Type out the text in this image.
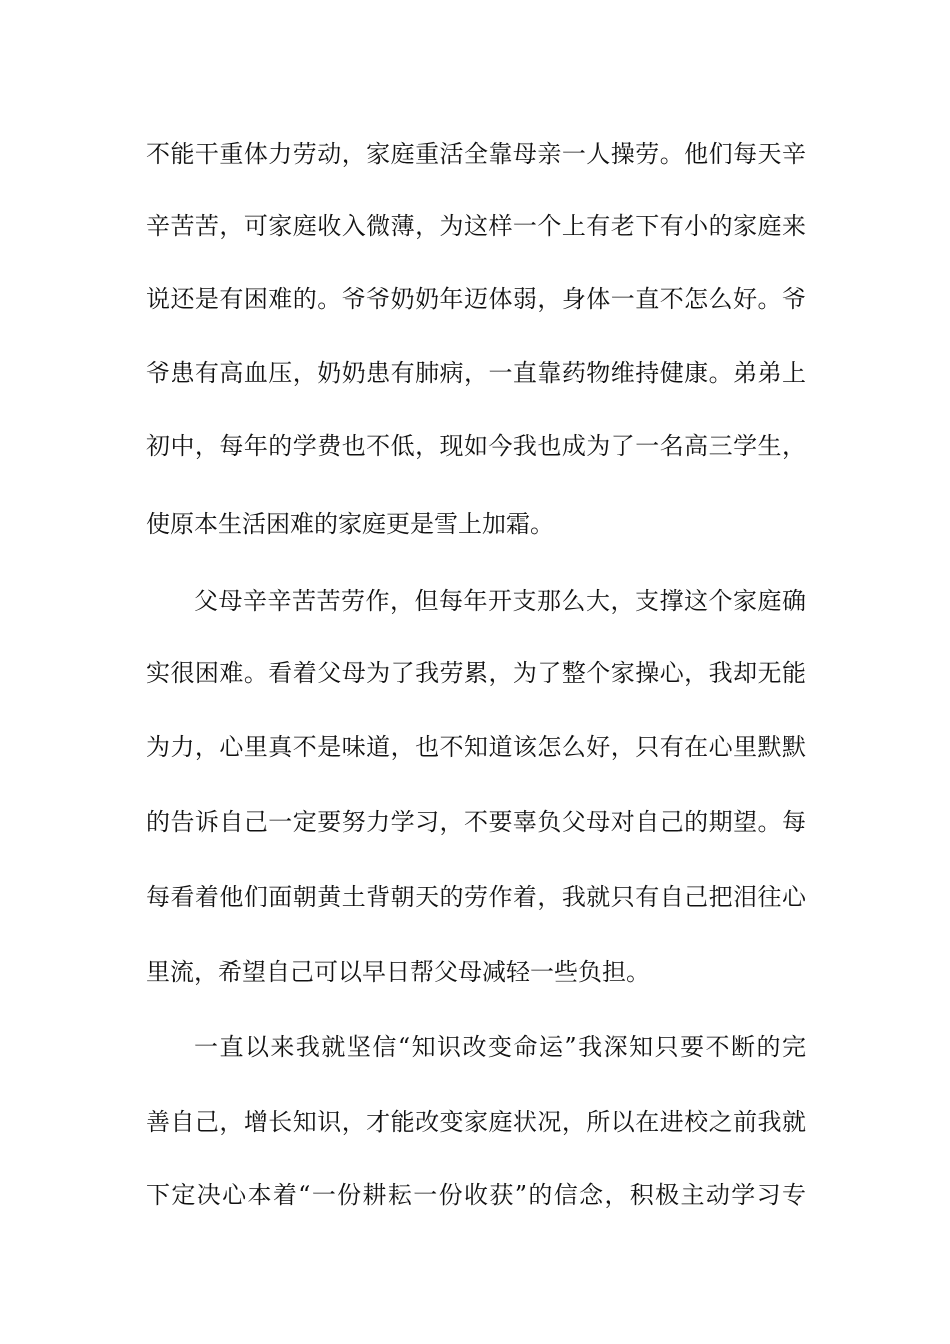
不能干重体力劳动，家庭重活全靠母亲一人操劳。他们每天辛

辛苦苦，可家庭收入微薄，为这样一个上有老下有小的家庭来

说还是有困难的。爷爷奶奶年迈体弱，身体一直不怎么好。爷

爷患有高血压，奶奶患有肺病，一直靠药物维持健康。弟弟上

初中，每年的学费也不低，现如今我也成为了一名高三学生，

使原本生活困难的家庭更是雪上加霜。

父母辛辛苦苦劳作，但每年开支那么大，支撑这个家庭确

实很困难。看着父母为了我劳累，为了整个家操心，我却无能

为力，心里真不是味道，也不知道该怎么好，只有在心里默默

的告诉自己一定要努力学习，不要辜负父母对自己的期望。每

每看着他们面朝黄土背朝天的劳作着，我就只有自己把泪往心

里流，希望自己可以早日帮父母减轻一些负担。

一直以来我就坚信“知识改变命运”我深知只要不断的完

善自己，增长知识，才能改变家庭状况，所以在进校之前我就

下定决心本着“一份耕耘一份收获”的信念，积极主动学习专
